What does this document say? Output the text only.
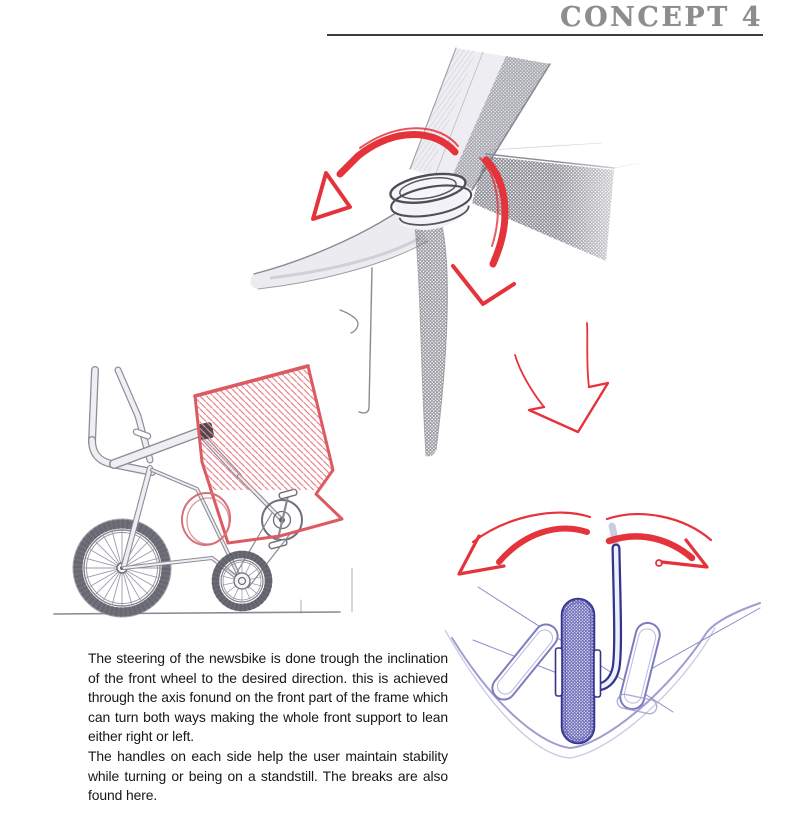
CONCEPT 4

The steering of the newsbike is done trough the inclination of the front wheel to the desired direction. this is achieved through the axis fonund on the front part of the frame which can turn both ways making the whole front support to lean either right or left.

The handles on each side help the user maintain stability while turning or being on a standstill. The breaks are also found here.
